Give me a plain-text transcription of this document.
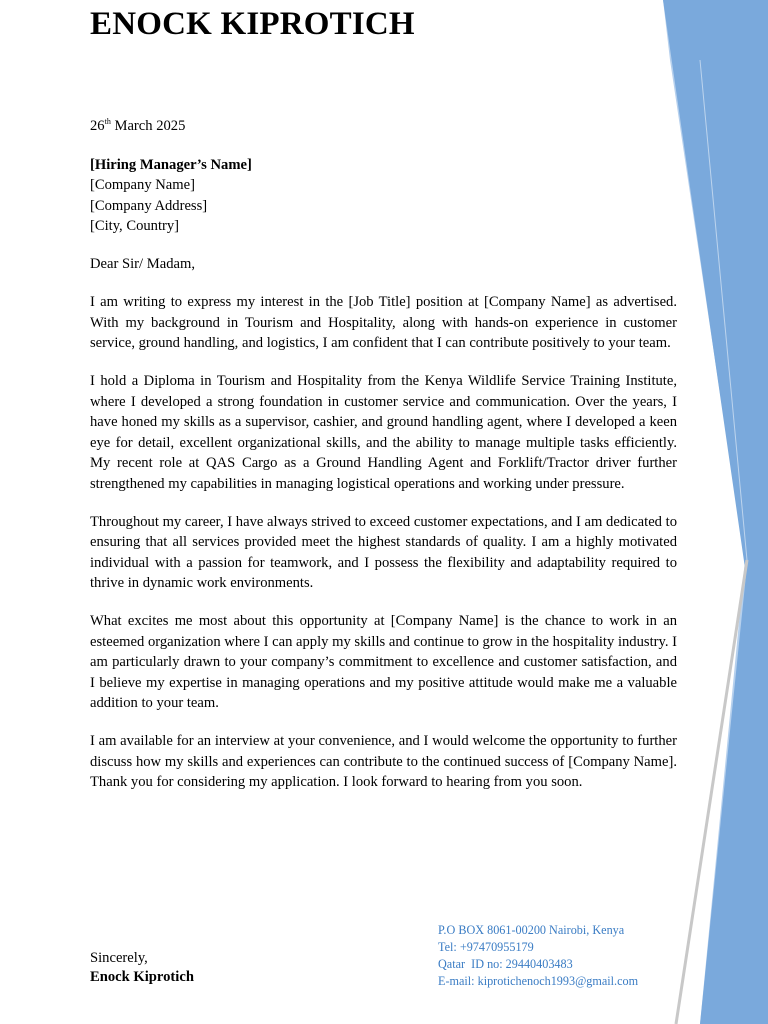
ENOCK KIPROTICH
26th March 2025
[Hiring Manager’s Name]
[Company Name]
[Company Address]
[City, Country]

Dear Sir/ Madam,

I am writing to express my interest in the [Job Title] position at [Company Name] as advertised. With my background in Tourism and Hospitality, along with hands-on experience in customer service, ground handling, and logistics, I am confident that I can contribute positively to your team.

I hold a Diploma in Tourism and Hospitality from the Kenya Wildlife Service Training Institute, where I developed a strong foundation in customer service and communication. Over the years, I have honed my skills as a supervisor, cashier, and ground handling agent, where I developed a keen eye for detail, excellent organizational skills, and the ability to manage multiple tasks efficiently. My recent role at QAS Cargo as a Ground Handling Agent and Forklift/Tractor driver further strengthened my capabilities in managing logistical operations and working under pressure.

Throughout my career, I have always strived to exceed customer expectations, and I am dedicated to ensuring that all services provided meet the highest standards of quality. I am a highly motivated individual with a passion for teamwork, and I possess the flexibility and adaptability required to thrive in dynamic work environments.

What excites me most about this opportunity at [Company Name] is the chance to work in an esteemed organization where I can apply my skills and continue to grow in the hospitality industry. I am particularly drawn to your company’s commitment to excellence and customer satisfaction, and I believe my expertise in managing operations and my positive attitude would make me a valuable addition to your team.

I am available for an interview at your convenience, and I would welcome the opportunity to further discuss how my skills and experiences can contribute to the continued success of [Company Name]. Thank you for considering my application. I look forward to hearing from you soon.

Sincerely,
Enock Kiprotich
P.O BOX 8061-00200 Nairobi, Kenya
Tel: +97470955179
Qatar  ID no: 29440403483
E-mail: kiprotichenoch1993@gmail.com
